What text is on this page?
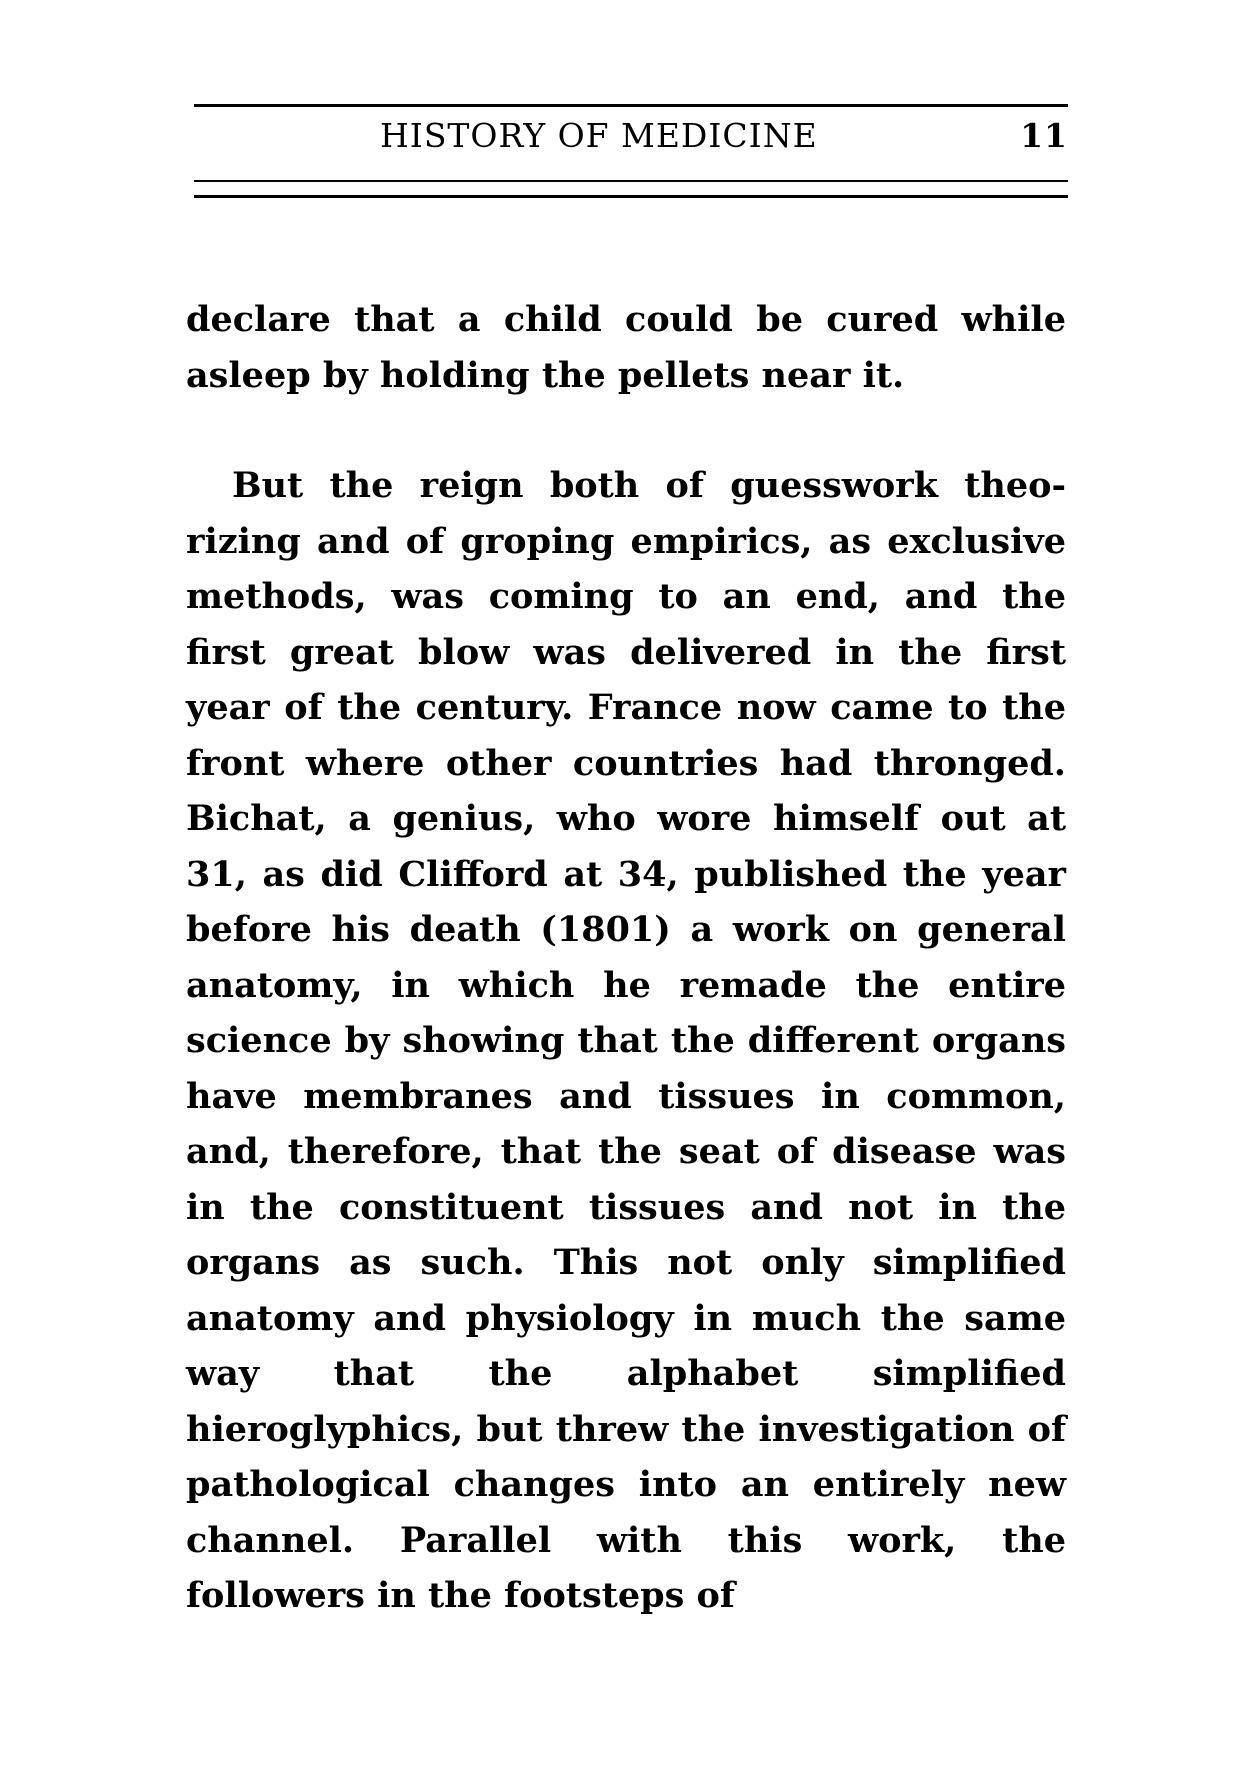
HISTORY OF MEDICINE	11

declare that a child could be cured while asleep by holding the pellets near it.

But the reign both of guesswork theorizing and of groping empirics, as exclusive methods, was coming to an end, and the first great blow was delivered in the first year of the century. France now came to the front where other countries had thronged. Bichat, a genius, who wore himself out at 31, as did Clifford at 34, published the year before his death (1801) a work on general anatomy, in which he remade the entire science by showing that the different organs have membranes and tissues in common, and, therefore, that the seat of disease was in the constituent tissues and not in the organs as such. This not only simplified anatomy and physiology in much the same way that the alphabet simplified hieroglyphics, but threw the investigation of pathological changes into an entirely new channel. Parallel with this work, the followers in the footsteps of
